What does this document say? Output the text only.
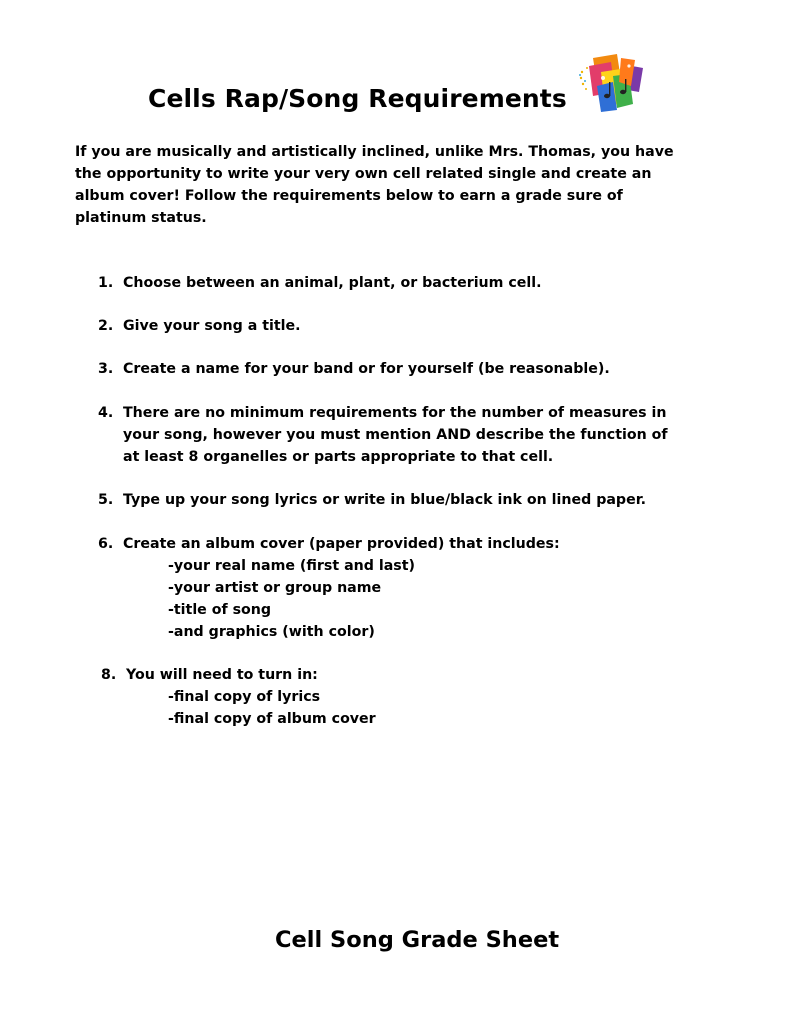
Cells Rap/Song Requirements
If you are musically and artistically inclined, unlike Mrs. Thomas, you have
the opportunity to write your very own cell related single and create an
album cover! Follow the requirements below to earn a grade sure of
platinum status.
1. Choose between an animal, plant, or bacterium cell.
2. Give your song a title.
3. Create a name for your band or for yourself (be reasonable).
4. There are no minimum requirements for the number of measures in
your song, however you must mention AND describe the function of
at least 8 organelles or parts appropriate to that cell.
5. Type up your song lyrics or write in blue/black ink on lined paper.
6. Create an album cover (paper provided) that includes:
-your real name (first and last)
-your artist or group name
-title of song
-and graphics (with color)
8. You will need to turn in:
-final copy of lyrics
-final copy of album cover
Cell Song Grade Sheet
